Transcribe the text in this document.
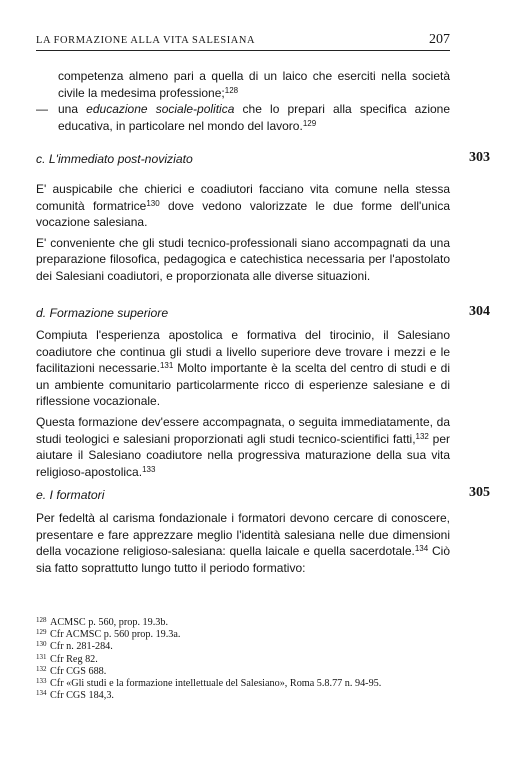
LA FORMAZIONE ALLA VITA SALESIANA	207
competenza almeno pari a quella di un laico che eserciti nella società civile la medesima professione;$^{128}$
— una educazione sociale-politica che lo prepari alla specifica azione educativa, in particolare nel mondo del lavoro.$^{129}$
c. L'immediato post-noviziato	303
E' auspicabile che chierici e coadiutori facciano vita comune nella stessa comunità formatrice$^{130}$ dove vedono valorizzate le due forme dell'unica vocazione salesiana.
E' conveniente che gli studi tecnico-professionali siano accompagnati da una preparazione filosofica, pedagogica e catechistica necessaria per l'apostolato dei Salesiani coadiutori, e proporzionata alle diverse situazioni.
d. Formazione superiore	304
Compiuta l'esperienza apostolica e formativa del tirocinio, il Salesiano coadiutore che continua gli studi a livello superiore deve trovare i mezzi e le facilitazioni necessarie.$^{131}$ Molto importante è la scelta del centro di studi e di un ambiente comunitario particolarmente ricco di esperienze salesiane e di riflessione vocazionale.
Questa formazione dev'essere accompagnata, o seguita immediatamente, da studi teologici e salesiani proporzionati agli studi tecnico-scientifici fatti,$^{132}$ per aiutare il Salesiano coadiutore nella progressiva maturazione della sua vita religioso-apostolica.$^{133}$
e. I formatori	305
Per fedeltà al carisma fondazionale i formatori devono cercare di conoscere, presentare e fare apprezzare meglio l'identità salesiana nelle due dimensioni della vocazione religioso-salesiana: quella laicale e quella sacerdotale.$^{134}$ Ciò sia fatto soprattutto lungo tutto il periodo formativo:
128 ACMSC p. 560, prop. 19.3b.
129 Cfr ACMSC p. 560 prop. 19.3a.
130 Cfr n. 281-284.
131 Cfr Reg 82.
132 Cfr CGS 688.
133 Cfr «Gli studi e la formazione intellettuale del Salesiano», Roma 5.8.77 n. 94-95.
134 Cfr CGS 184,3.
